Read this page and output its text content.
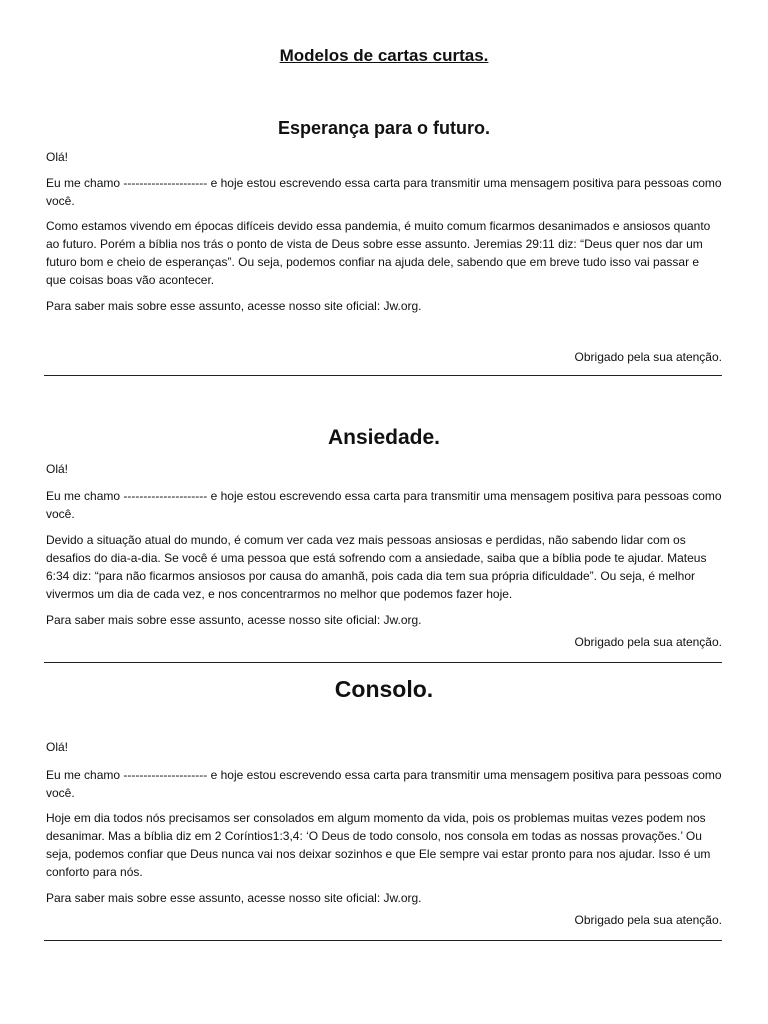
Modelos de cartas curtas.
Esperança para o futuro.

Olá!

Eu me chamo --------------------- e hoje estou escrevendo essa carta para transmitir uma mensagem positiva para pessoas como você.

Como estamos vivendo em épocas difíceis devido essa pandemia, é muito comum ficarmos desanimados e ansiosos quanto ao futuro. Porém a bíblia nos trás o ponto de vista de Deus sobre esse assunto. Jeremias 29:11 diz: “Deus quer nos dar um futuro bom e cheio de esperanças”. Ou seja, podemos confiar na ajuda dele, sabendo que em breve tudo isso vai passar e que coisas boas vão acontecer.

Para saber mais sobre esse assunto, acesse nosso site oficial: Jw.org.

Obrigado pela sua atenção.

Ansiedade.

Olá!

Eu me chamo --------------------- e hoje estou escrevendo essa carta para transmitir uma mensagem positiva para pessoas como você.

Devido a situação atual do mundo, é comum ver cada vez mais pessoas ansiosas e perdidas, não sabendo lidar com os desafios do dia-a-dia. Se você é uma pessoa que está sofrendo com a ansiedade, saiba que a bíblia pode te ajudar. Mateus 6:34 diz: “para não ficarmos ansiosos por causa do amanhã, pois cada dia tem sua própria dificuldade”. Ou seja, é melhor vivermos um dia de cada vez, e nos concentrarmos no melhor que podemos fazer hoje.

Para saber mais sobre esse assunto, acesse nosso site oficial: Jw.org.

Obrigado pela sua atenção.

Consolo.

Olá!

Eu me chamo --------------------- e hoje estou escrevendo essa carta para transmitir uma mensagem positiva para pessoas como você.

Hoje em dia todos nós precisamos ser consolados em algum momento da vida, pois os problemas muitas vezes podem nos desanimar. Mas a bíblia diz em 2 Coríntios1:3,4: ‘O Deus de todo consolo, nos consola em todas as nossas provações.’ Ou seja, podemos confiar que Deus nunca vai nos deixar sozinhos e que Ele sempre vai estar pronto para nos ajudar. Isso é um conforto para nós.

Para saber mais sobre esse assunto, acesse nosso site oficial: Jw.org.

Obrigado pela sua atenção.
